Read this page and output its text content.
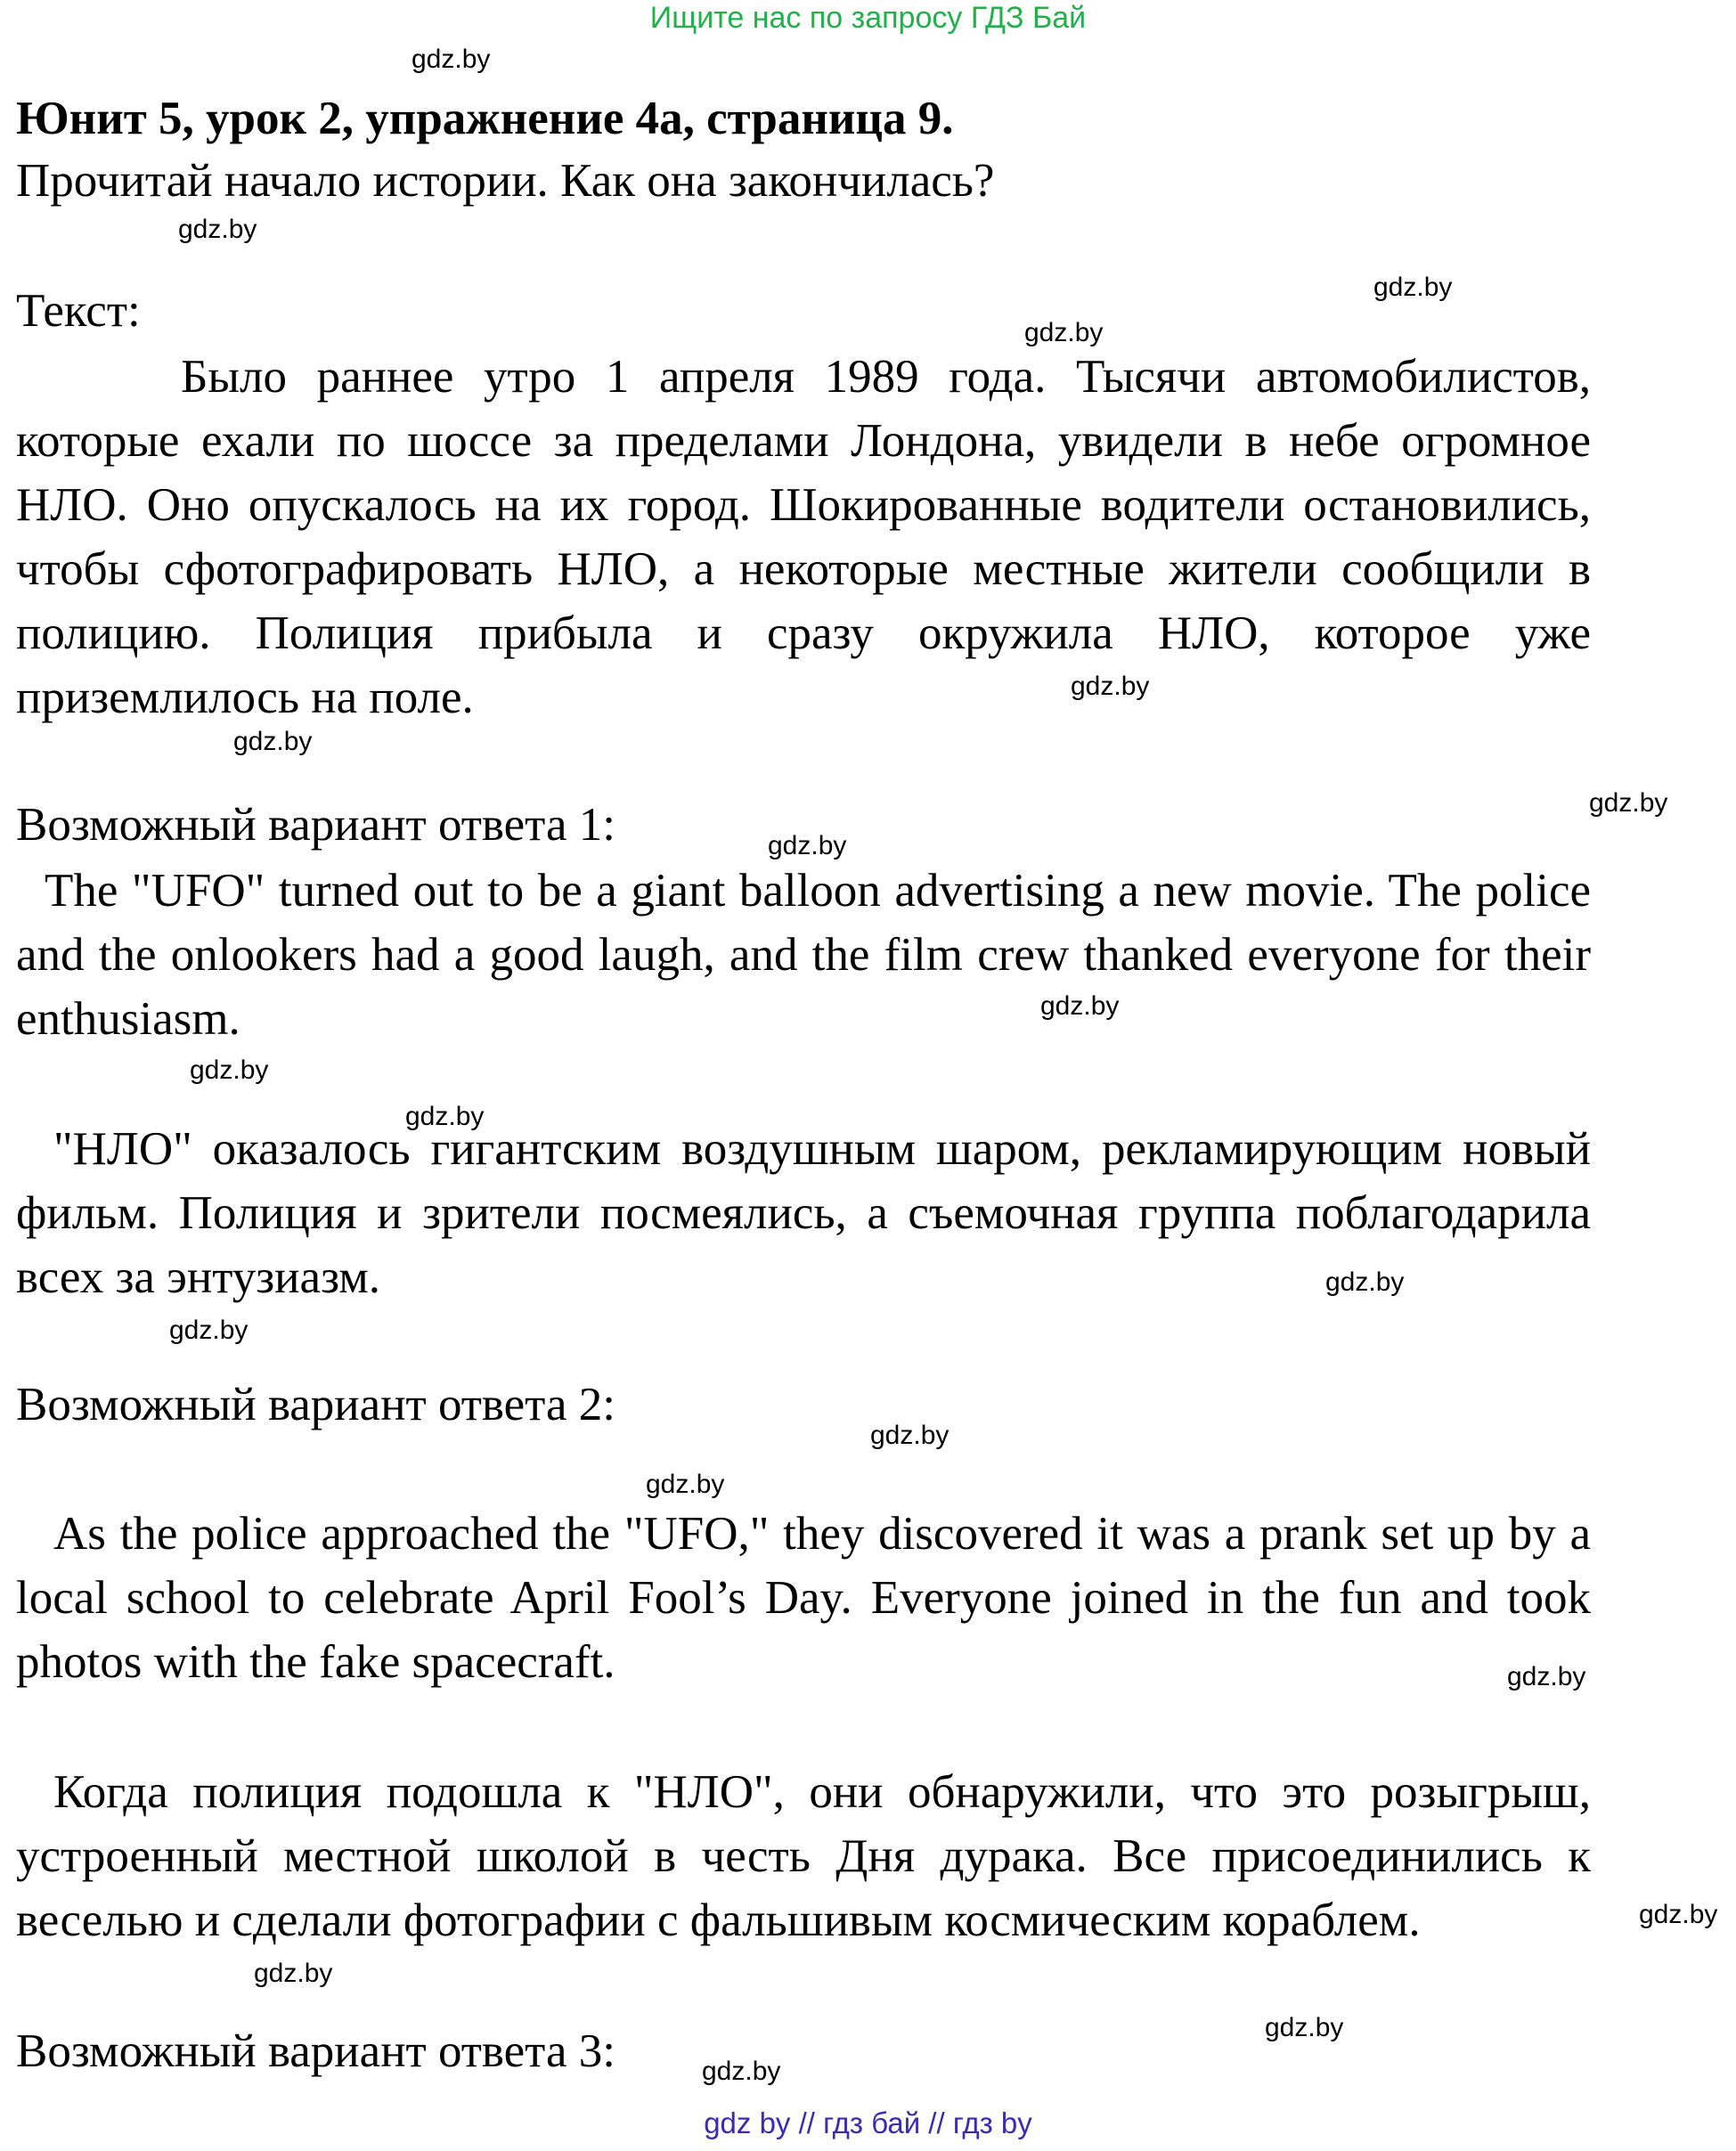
Ищите нас по запросу ГДЗ Бай
gdz.by
Юнит 5, урок 2, упражнение 4а, страница 9.
Прочитай начало истории. Как она закончилась?
gdz.by
gdz.by
Текст:	gdz.by
Было раннее утро 1 апреля 1989 года. Тысячи автомобилистов, которые ехали по шоссе за пределами Лондона, увидели в небе огромное НЛО. Оно опускалось на их город. Шокированные водители остановились, чтобы сфотографировать НЛО, а некоторые местные жители сообщили в полицию. Полиция прибыла и сразу окружила НЛО, которое уже приземлилось на поле.	gdz.by
gdz.by
gdz.by
Возможный вариант ответа 1:	gdz.by
The "UFO" turned out to be a giant balloon advertising a new movie. The police and the onlookers had a good laugh, and the film crew thanked everyone for their enthusiasm.	gdz.by
gdz.by
gdz.by
"НЛО" оказалось гигантским воздушным шаром, рекламирующим новый фильм. Полиция и зрители посмеялись, а съемочная группа поблагодарила всех за энтузиазм.	gdz.by
gdz.by
Возможный вариант ответа 2:
gdz.by
gdz.by
As the police approached the "UFO," they discovered it was a prank set up by a local school to celebrate April Fool’s Day. Everyone joined in the fun and took photos with the fake spacecraft.	gdz.by
Когда полиция подошла к "НЛО", они обнаружили, что это розыгрыш, устроенный местной школой в честь Дня дурака. Все присоединились к веселью и сделали фотографии с фальшивым космическим кораблем.	gdz.by
gdz.by
gdz.by
Возможный вариант ответа 3:	gdz.by
gdz by // гдз бай // гдз by
